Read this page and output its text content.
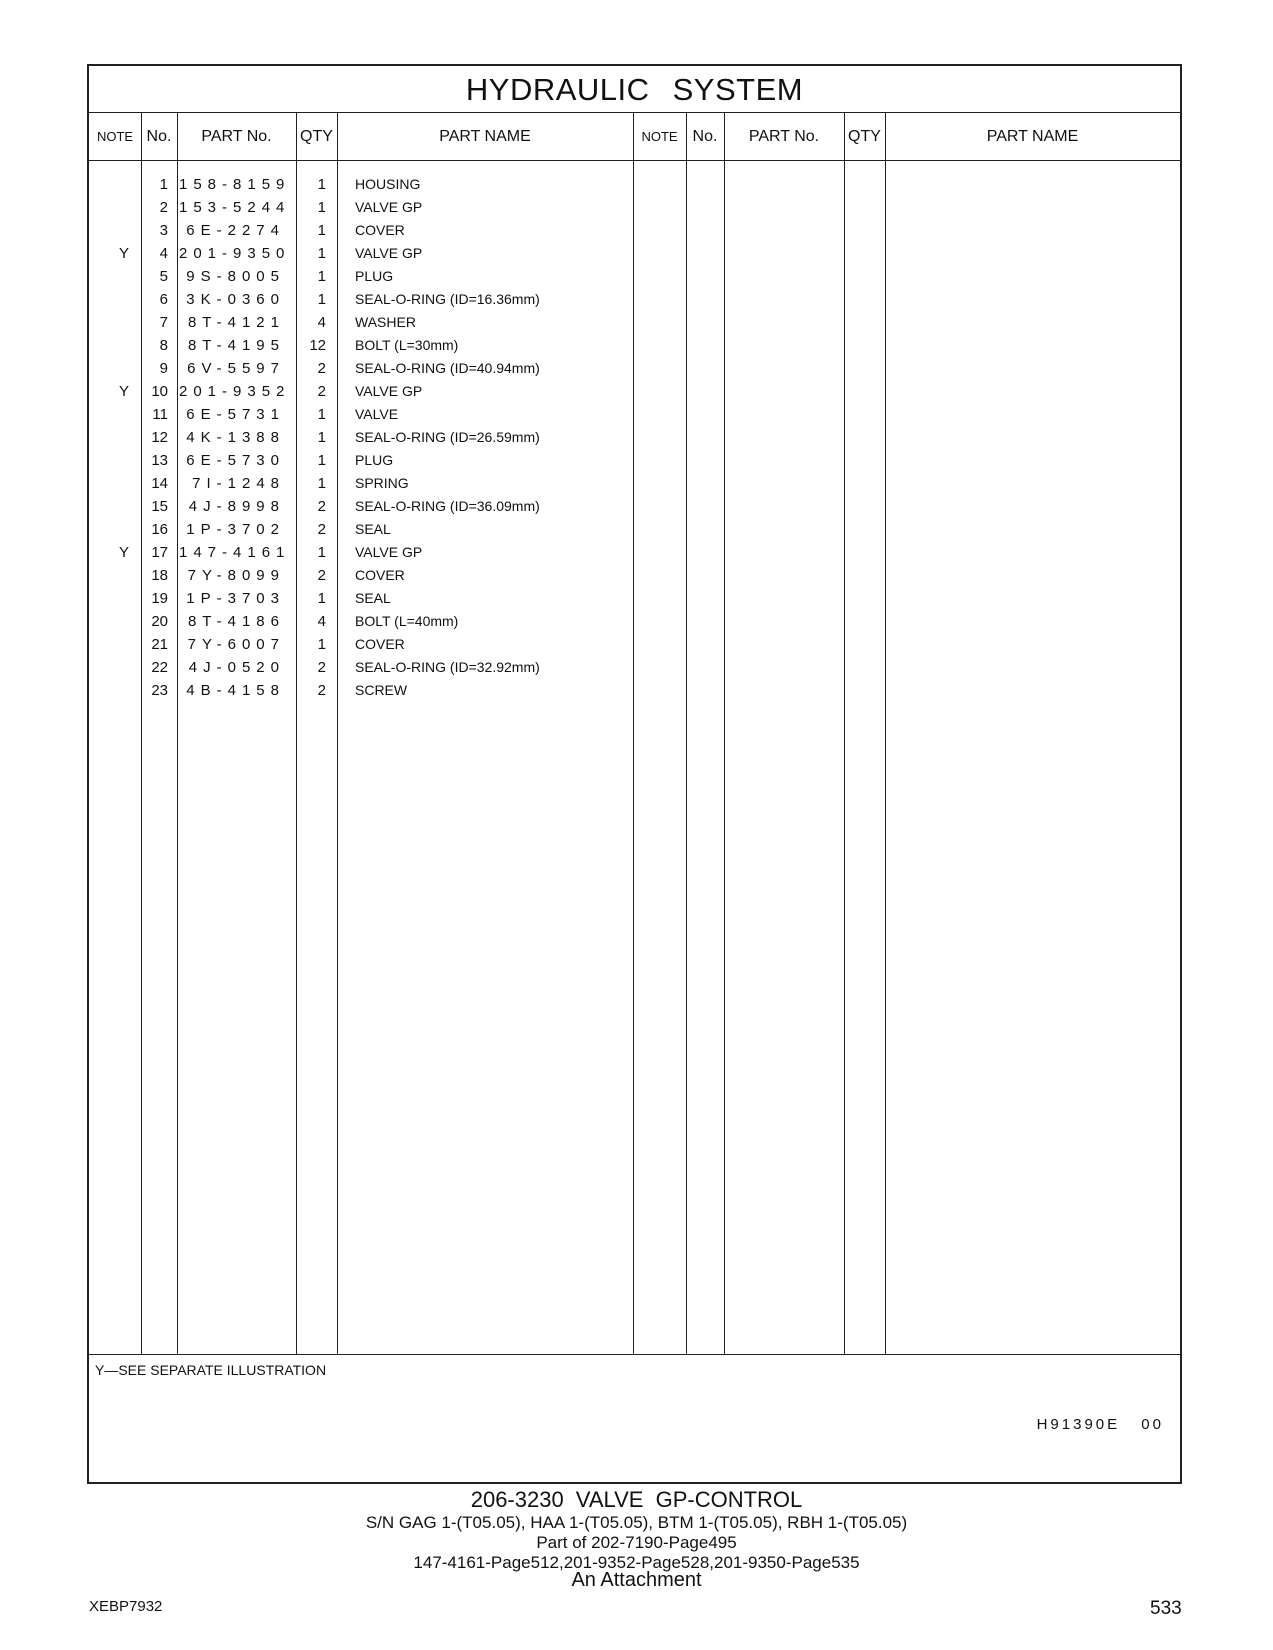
HYDRAULIC SYSTEM
NOTE No.	PART No.	QTY	PART NAME	NOTE No.	PART No.	QTY	PART NAME
1 158-8159	1 HOUSING
2 153-5244	1 VALVE GP
3	6E-2274	1 COVER
Y	4 201-9350	1 VALVE GP
5	9S-8005	1 PLUG
6	3K-0360	1 SEAL-O-RING (ID=16.36mm)
7	8T-4121	4 WASHER
8	8T-4195	12 BOLT (L=30mm)
9	6V-5597	2 SEAL-O-RING (ID=40.94mm)
Y	10 201-9352	2 VALVE GP
11	6E-5731	1 VALVE
12	4K-1388	1 SEAL-O-RING (ID=26.59mm)
13	6E-5730	1 PLUG
14	7I-1248	1 SPRING
15	4J-8998	2 SEAL-O-RING (ID=36.09mm)
16	1P-3702	2 SEAL
Y	17 147-4161	1 VALVE GP
18	7Y-8099	2 COVER
19	1P-3703	1 SEAL
20	8T-4186	4 BOLT (L=40mm)
21	7Y-6007	1 COVER
22	4J-0520	2 SEAL-O-RING (ID=32.92mm)
23	4B-4158	2 SCREW
Y—SEE SEPARATE ILLUSTRATION
H91390E 00
206-3230 VALVE GP-CONTROL
S/N GAG 1-(T05.05), HAA 1-(T05.05), BTM 1-(T05.05), RBH 1-(T05.05)
Part of 202-7190-Page495
147-4161-Page512,201-9352-Page528,201-9350-Page535
An Attachment
XEBP7932	533
